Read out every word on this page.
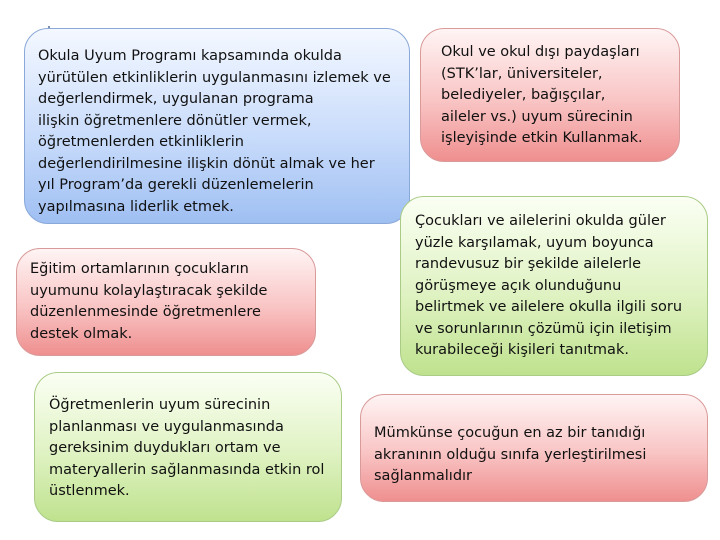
Okula Uyum Programı kapsamında okulda
yürütülen etkinliklerin uygulanmasını izlemek ve
değerlendirmek, uygulanan programa
ilişkin öğretmenlere dönütler vermek,
öğretmenlerden etkinliklerin
değerlendirilmesine ilişkin dönüt almak ve her
yıl Program’da gerekli düzenlemelerin
yapılmasına liderlik etmek.

Okul ve okul dışı paydaşları
(STK’lar, üniversiteler,
belediyeler, bağışçılar,
aileler vs.) uyum sürecinin
işleyişinde etkin Kullanmak.

Eğitim ortamlarının çocukların
uyumunu kolaylaştıracak şekilde
düzenlenmesinde öğretmenlere
destek olmak.

Çocukları ve ailelerini okulda güler
yüzle karşılamak, uyum boyunca
randevusuz bir şekilde ailelerle
görüşmeye açık olunduğunu
belirtmek ve ailelere okulla ilgili soru
ve sorunlarının çözümü için iletişim
kurabileceği kişileri tanıtmak.

Öğretmenlerin uyum sürecinin
planlanması ve uygulanmasında
gereksinim duydukları ortam ve
materyallerin sağlanmasında etkin rol
üstlenmek.

Mümkünse çocuğun en az bir tanıdığı
akranının olduğu sınıfa yerleştirilmesi
sağlanmalıdır
